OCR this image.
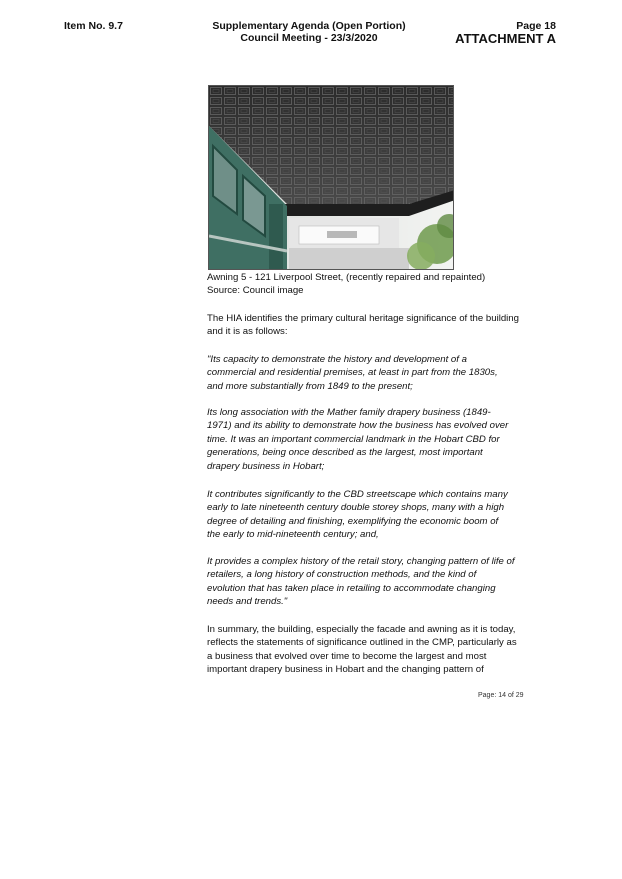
Item No. 9.7	Supplementary Agenda (Open Portion)
Council Meeting - 23/3/2020
Page 18
ATTACHMENT A
Awning 5 - 121 Liverpool Street, (recently repaired and repainted)
Source: Council image
The HIA identifies the primary cultural heritage significance of the building
and it is as follows:
"Its capacity to demonstrate the history and development of a
commercial and residential premises, at least in part from the 1830s,
and more substantially from 1849 to the present;
Its long association with the Mather family drapery business (1849-
1971) and its ability to demonstrate how the business has evolved over
time. It was an important commercial landmark in the Hobart CBD for
generations, being once described as the largest, most important
drapery business in Hobart;
It contributes significantly to the CBD streetscape which contains many
early to late nineteenth century double storey shops, many with a high
degree of detailing and finishing, exemplifying the economic boom of
the early to mid-nineteenth century; and,
It provides a complex history of the retail story, changing pattern of life of
retailers, a long history of construction methods, and the kind of
evolution that has taken place in retailing to accommodate changing
needs and trends."
In summary, the building, especially the facade and awning as it is today,
reflects the statements of significance outlined in the CMP, particularly as
a business that evolved over time to become the largest and most
important drapery business in Hobart and the changing pattern of
Page: 14 of 29
